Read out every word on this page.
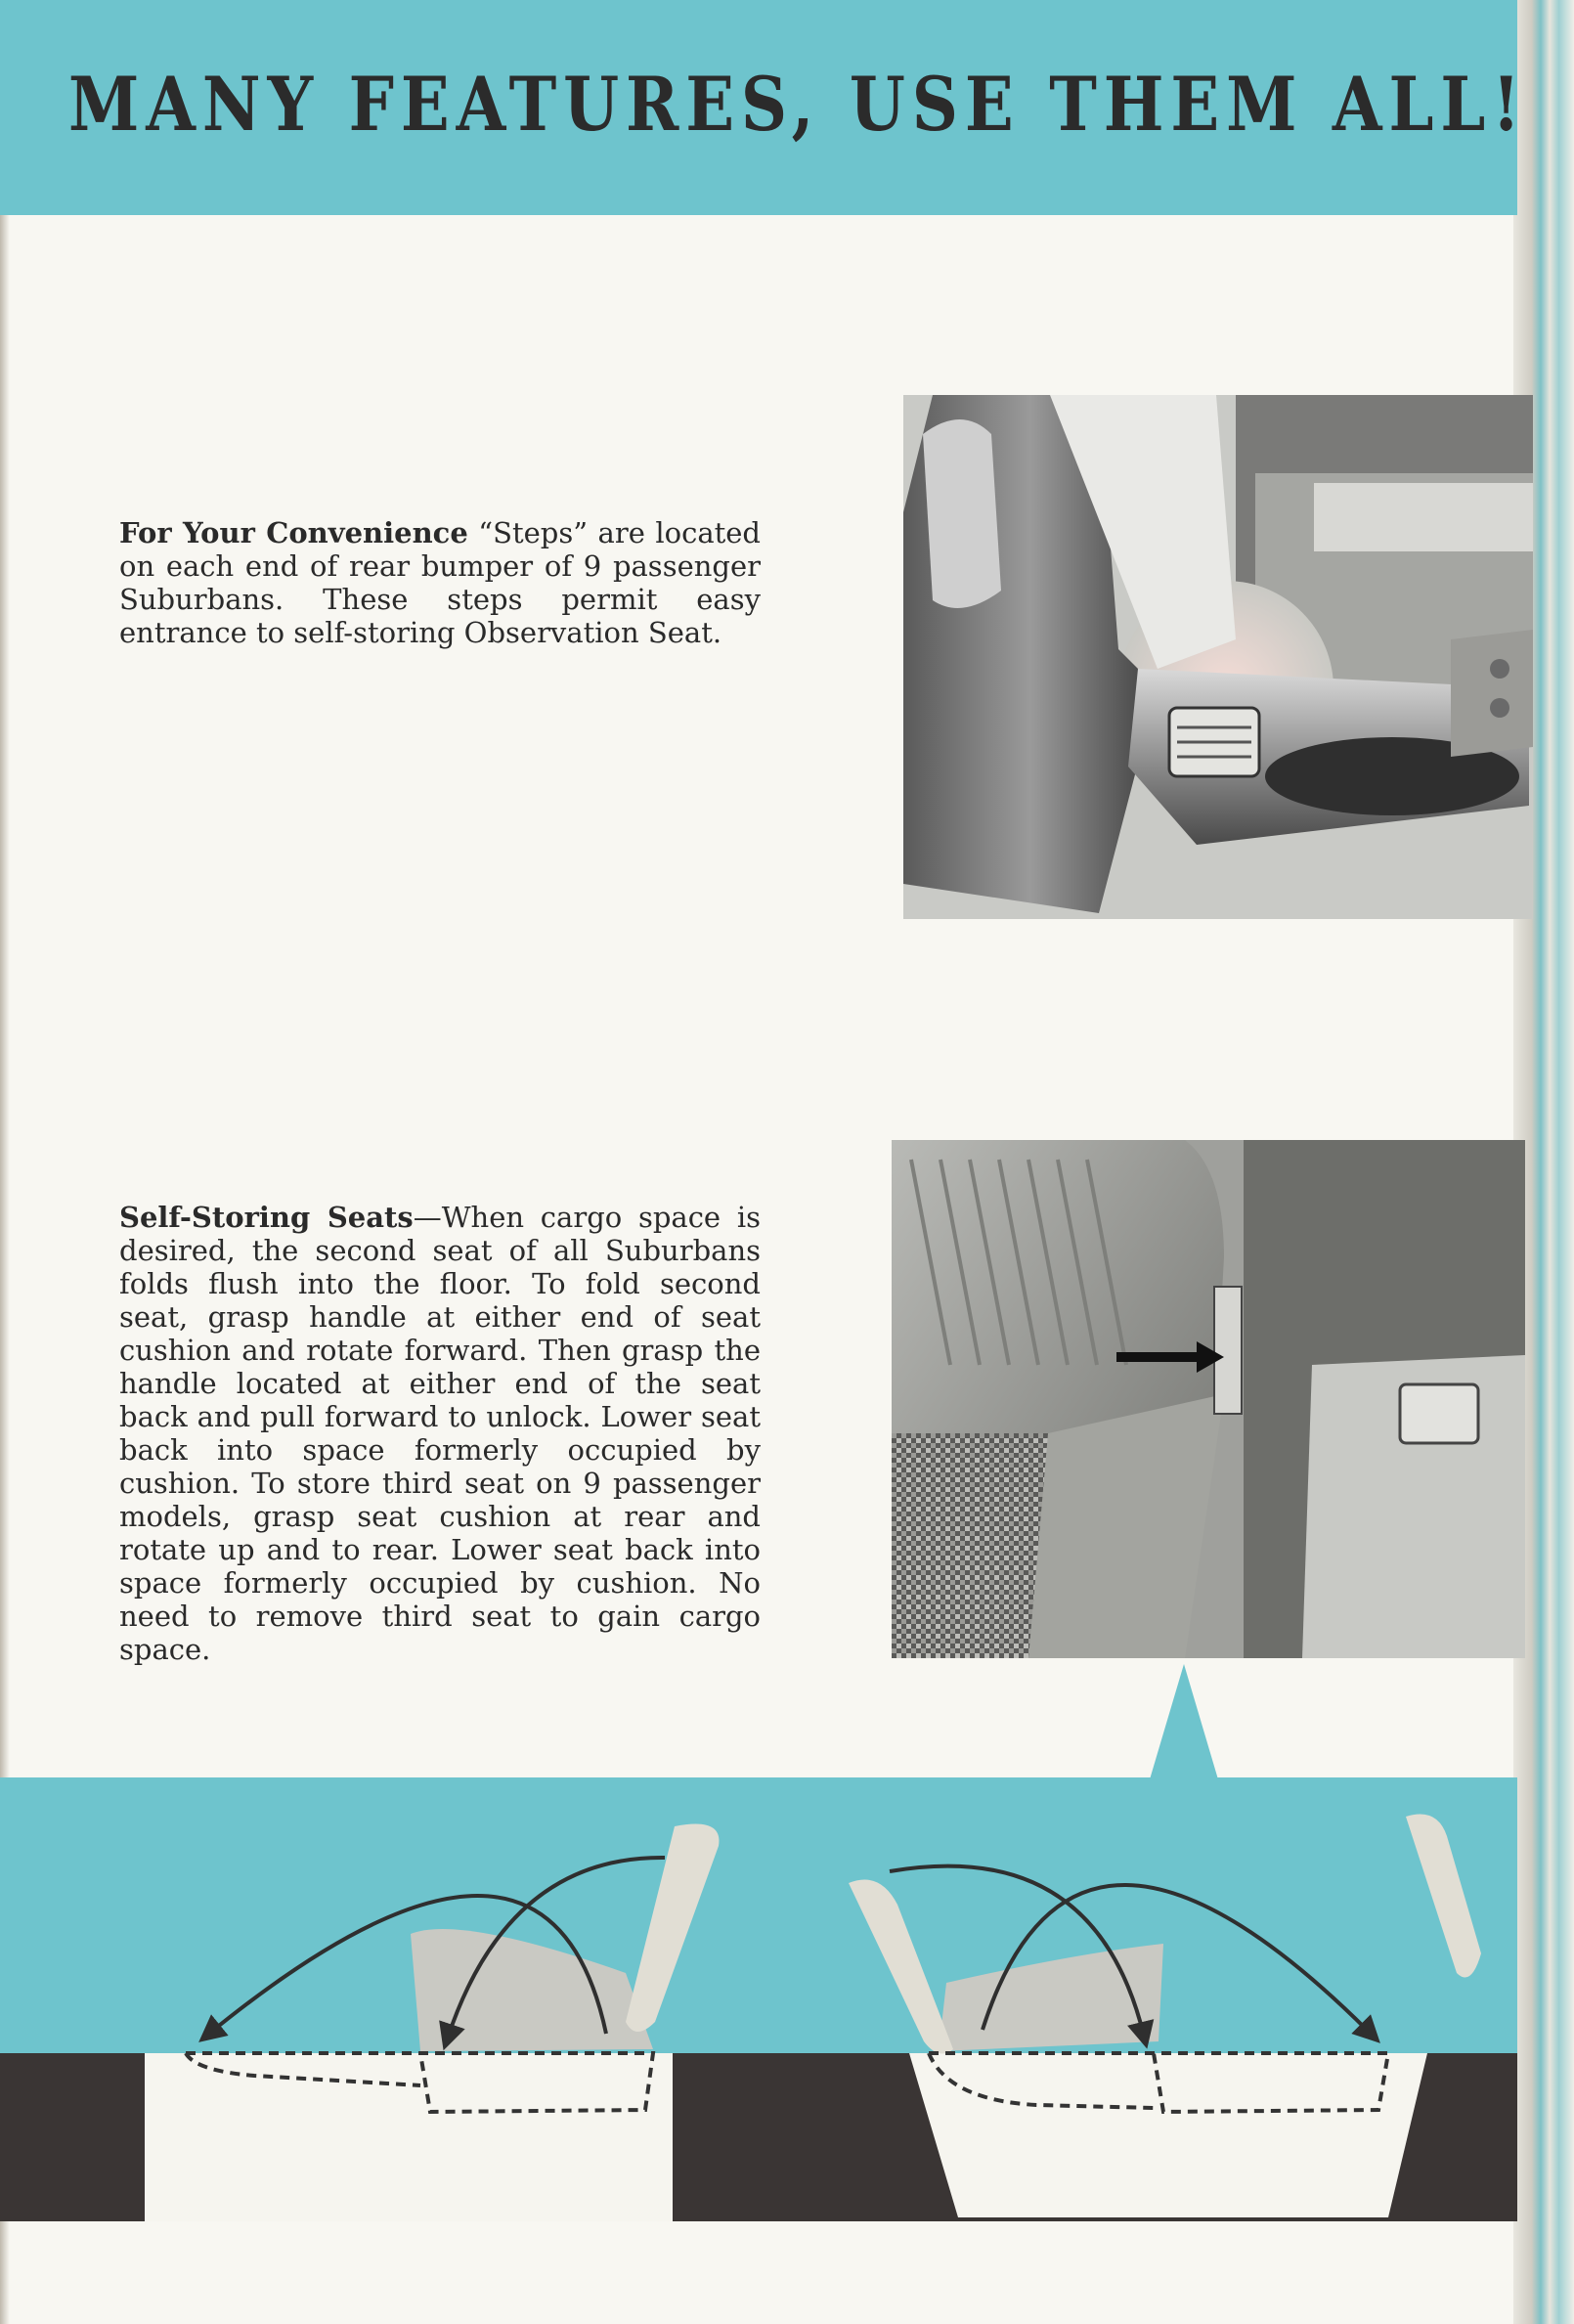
MANY FEATURES, USE THEM ALL!
For Your Convenience “Steps” are located on each end of rear bumper of 9 passenger Suburbans. These steps permit easy entrance to self-storing Observation Seat.
Self-Storing Seats—When cargo space is desired, the second seat of all Suburbans folds flush into the floor. To fold second seat, grasp handle at either end of seat cushion and rotate forward. Then grasp the handle located at either end of the seat back and pull forward to unlock. Lower seat back into space formerly occupied by cushion. To store third seat on 9 passenger models, grasp seat cushion at rear and rotate up and to rear. Lower seat back into space formerly occupied by cushion. No need to remove third seat to gain cargo space.
